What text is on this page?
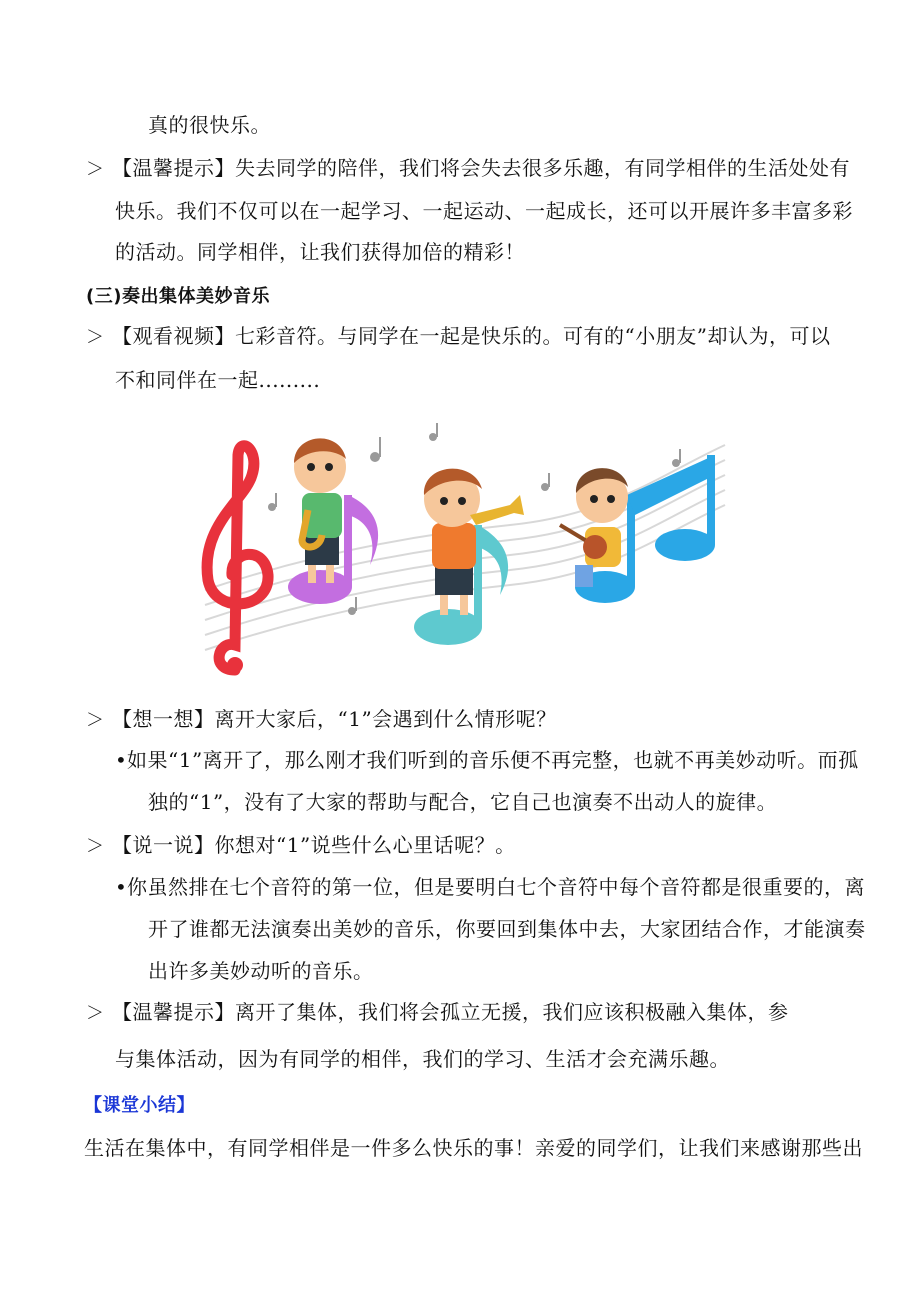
真的很快乐。
＞ 【温馨提示】失去同学的陪伴，我们将会失去很多乐趣，有同学相伴的生活处处有
快乐。我们不仅可以在一起学习、一起运动、一起成长，还可以开展许多丰富多彩
的活动。同学相伴，让我们获得加倍的精彩！
(三)奏出集体美妙音乐
＞ 【观看视频】七彩音符。与同学在一起是快乐的。可有的“小朋友”却认为，可以
不和同伴在一起.........
＞ 【想一想】离开大家后，“1”会遇到什么情形呢？
•如果“1”离开了，那么刚才我们听到的音乐便不再完整，也就不再美妙动听。而孤
独的“1”，没有了大家的帮助与配合，它自己也演奏不出动人的旋律。
＞ 【说一说】你想对“1”说些什么心里话呢？。
•你虽然排在七个音符的第一位，但是要明白七个音符中每个音符都是很重要的，离
开了谁都无法演奏出美妙的音乐，你要回到集体中去，大家团结合作，才能演奏
出许多美妙动听的音乐。
＞ 【温馨提示】离开了集体，我们将会孤立无援，我们应该积极融入集体，参
与集体活动，因为有同学的相伴，我们的学习、生活才会充满乐趣。
【课堂小结】
生活在集体中，有同学相伴是一件多么快乐的事！亲爱的同学们，让我们来感谢那些出
